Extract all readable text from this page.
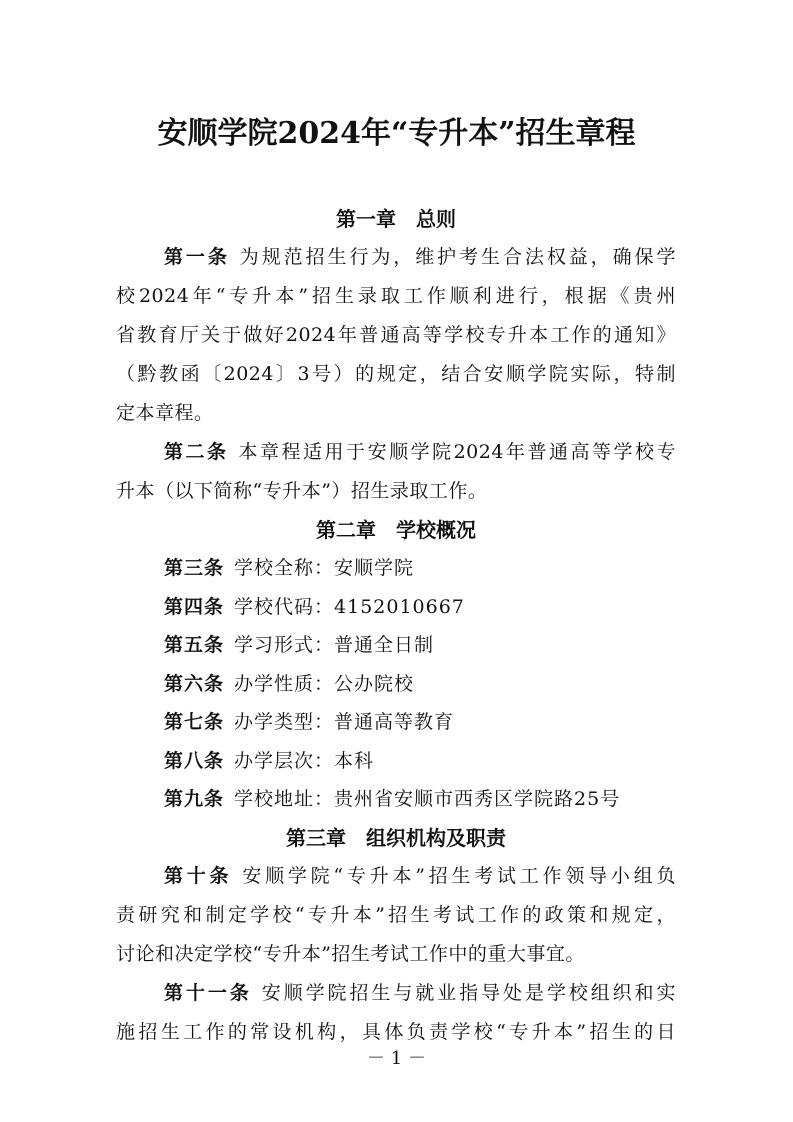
安顺学院2024年“专升本”招生章程
第一章　总则
第一条 为规范招生行为，维护考生合法权益，确保学
校2024年“专升本”招生录取工作顺利进行，根据《贵州
省教育厅关于做好2024年普通高等学校专升本工作的通知》
（黔教函〔2024〕3号）的规定，结合安顺学院实际，特制
定本章程。
第二条 本章程适用于安顺学院2024年普通高等学校专
升本（以下简称“专升本”）招生录取工作。
第二章　学校概况
第三条 学校全称：安顺学院
第四条 学校代码：4152010667
第五条 学习形式：普通全日制
第六条 办学性质：公办院校
第七条 办学类型：普通高等教育
第八条 办学层次：本科
第九条 学校地址：贵州省安顺市西秀区学院路25号
第三章　组织机构及职责
第十条 安顺学院“专升本”招生考试工作领导小组负
责研究和制定学校“专升本”招生考试工作的政策和规定，
讨论和决定学校“专升本”招生考试工作中的重大事宜。
第十一条 安顺学院招生与就业指导处是学校组织和实
施招生工作的常设机构，具体负责学校“专升本”招生的日
－ 1 －
